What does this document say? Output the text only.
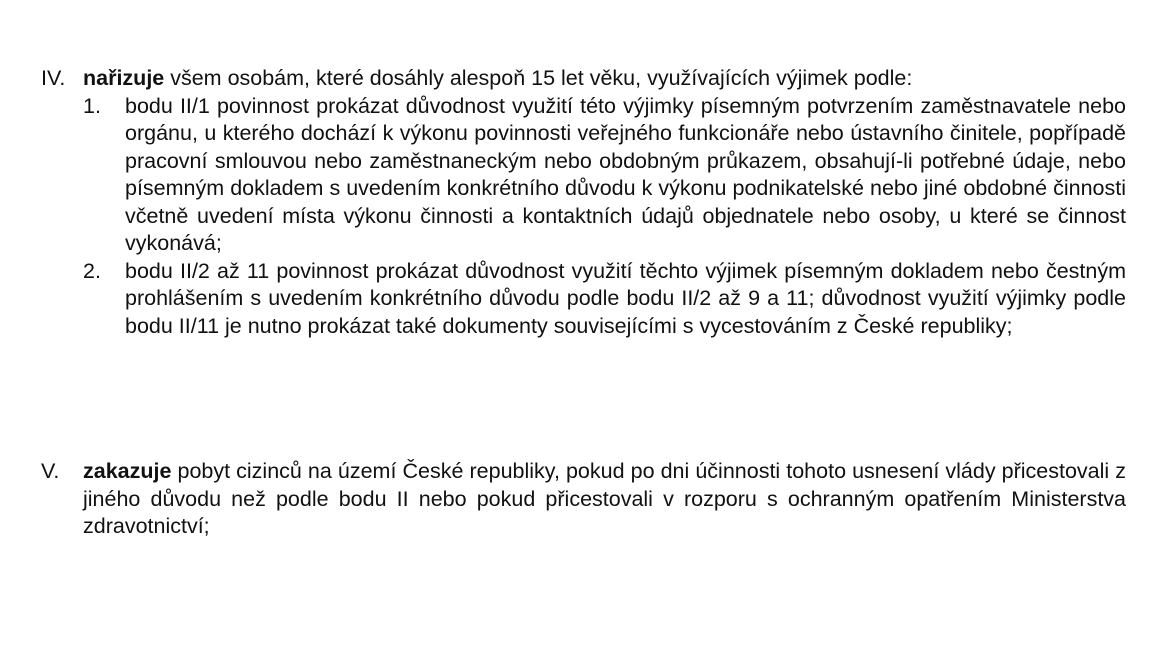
IV. nařizuje všem osobám, které dosáhly alespoň 15 let věku, využívajících výjimek podle:
1.	bodu II/1 povinnost prokázat důvodnost využití této výjimky písemným potvrzením zaměstnavatele nebo orgánu, u kterého dochází k výkonu povinnosti veřejného funkcionáře nebo ústavního činitele, popřípadě pracovní smlouvou nebo zaměstnaneckým nebo obdobným průkazem, obsahují-li potřebné údaje, nebo písemným dokladem s uvedením konkrétního důvodu k výkonu podnikatelské nebo jiné obdobné činnosti včetně uvedení místa výkonu činnosti a kontaktních údajů objednatele nebo osoby, u které se činnost vykonává;
2.	bodu II/2 až 11 povinnost prokázat důvodnost využití těchto výjimek písemným dokladem nebo čestným prohlášením s uvedením konkrétního důvodu podle bodu II/2 až 9 a 11; důvodnost využití výjimky podle bodu II/11 je nutno prokázat také dokumenty souvisejícími s vycestováním z České republiky;
V.	zakazuje pobyt cizinců na území České republiky, pokud po dni účinnosti tohoto usnesení vlády přicestovali z jiného důvodu než podle bodu II nebo pokud přicestovali v rozporu s ochranným opatřením Ministerstva zdravotnictví;
